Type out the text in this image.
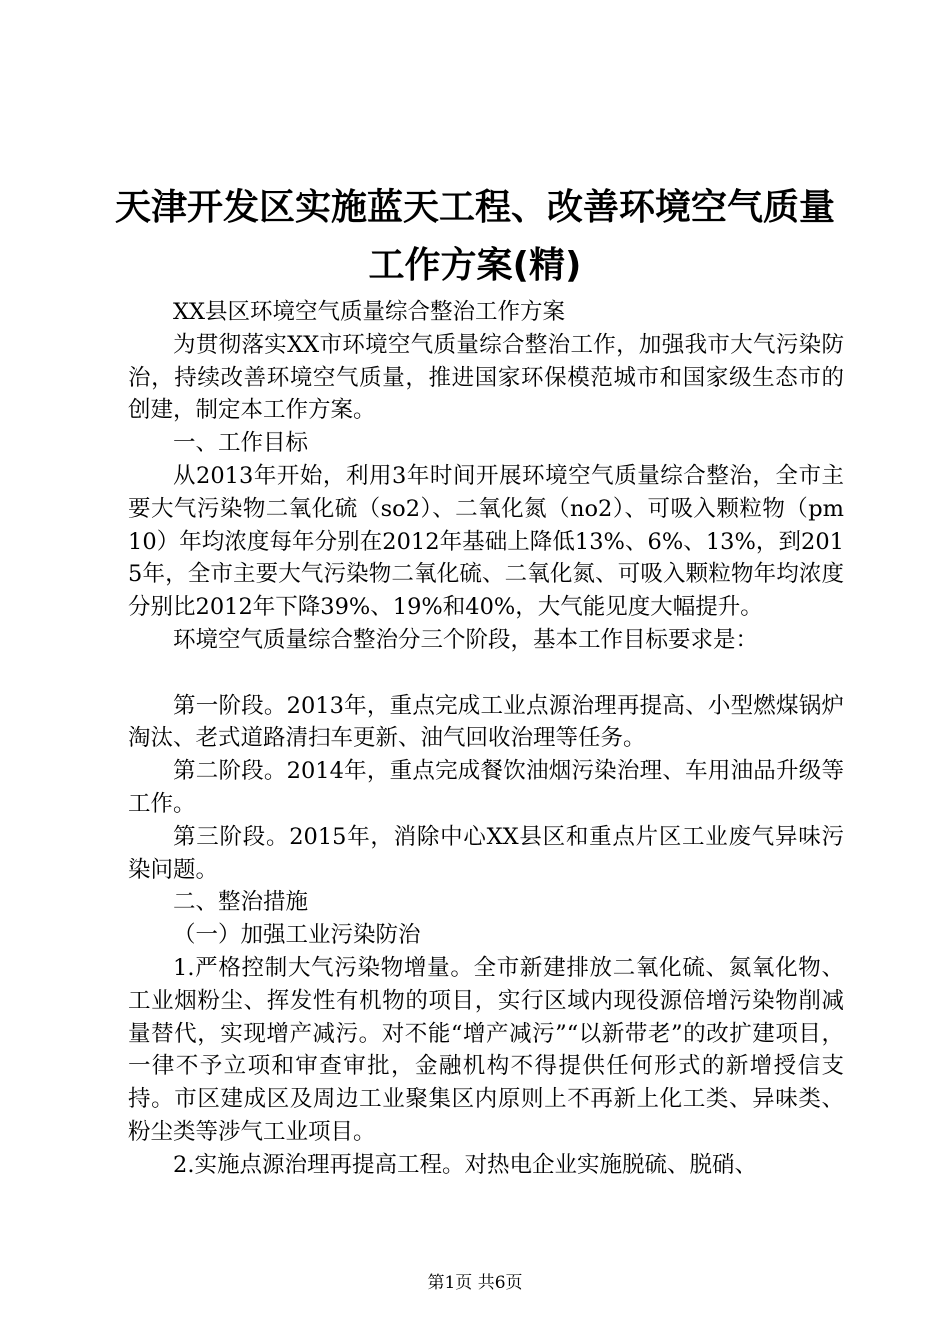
天津开发区实施蓝天工程、改善环境空气质量
工作方案(精)

XX县区环境空气质量综合整治工作方案

为贯彻落实XX市环境空气质量综合整治工作，加强我市大气污染防治，持续改善环境空气质量，推进国家环保模范城市和国家级生态市的创建，制定本工作方案。

一、工作目标

从2013年开始，利用3年时间开展环境空气质量综合整治，全市主要大气污染物二氧化硫（so2）、二氧化氮（no2）、可吸入颗粒物（pm10）年均浓度每年分别在2012年基础上降低13%、6%、13%，到2015年，全市主要大气污染物二氧化硫、二氧化氮、可吸入颗粒物年均浓度分别比2012年下降39%、19%和40%，大气能见度大幅提升。

环境空气质量综合整治分三个阶段，基本工作目标要求是：

第一阶段。2013年，重点完成工业点源治理再提高、小型燃煤锅炉淘汰、老式道路清扫车更新、油气回收治理等任务。

第二阶段。2014年，重点完成餐饮油烟污染治理、车用油品升级等工作。

第三阶段。2015年，消除中心XX县区和重点片区工业废气异味污染问题。

二、整治措施

（一）加强工业污染防治

1.严格控制大气污染物增量。全市新建排放二氧化硫、氮氧化物、工业烟粉尘、挥发性有机物的项目，实行区域内现役源倍增污染物削减量替代，实现增产减污。对不能“增产减污”“以新带老”的改扩建项目，一律不予立项和审查审批，金融机构不得提供任何形式的新增授信支持。市区建成区及周边工业聚集区内原则上不再新上化工类、异味类、粉尘类等涉气工业项目。

2.实施点源治理再提高工程。对热电企业实施脱硫、脱硝、

第1页 共6页
